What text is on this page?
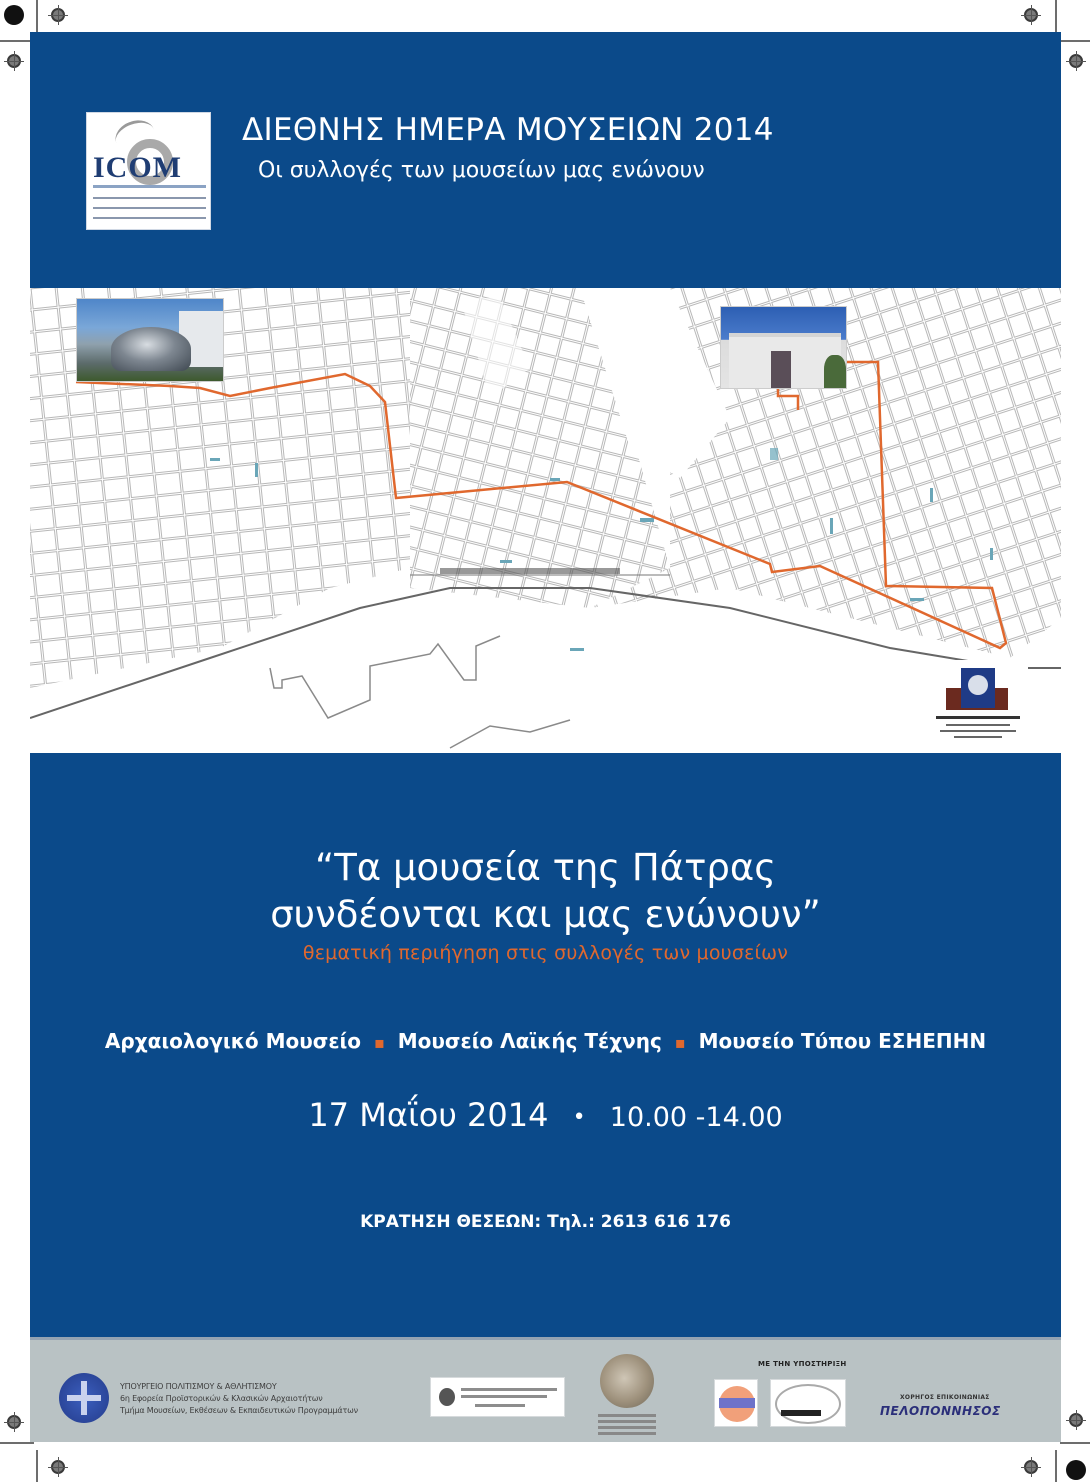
ICOM
ΔΙΕΘΝΗΣ ΗΜΕΡΑ ΜΟΥΣΕΙΩΝ 2014
Οι συλλογές των μουσείων μας ενώνουν
“Τα μουσεία της Πάτρας
συνδέονται και μας ενώνουν”
θεματική περιήγηση στις συλλογές των μουσείων
Αρχαιολογικό Μουσείο ▪ Μουσείο Λαϊκής Τέχνης ▪ Μουσείο Τύπου ΕΣΗΕΠΗΝ
17 Μαΐου 2014 • 10.00 -14.00
ΚΡΑΤΗΣΗ ΘΕΣΕΩΝ: Τηλ.: 2613 616 176
ΥΠΟΥΡΓΕΙΟ ΠΟΛΙΤΙΣΜΟΥ & ΑΘΛΗΤΙΣΜΟΥ
6η Εφορεία Προϊστορικών & Κλασικών Αρχαιοτήτων
Τμήμα Μουσείων, Εκθέσεων & Εκπαιδευτικών Προγραμμάτων
ΜΕ ΤΗΝ ΥΠΟΣΤΗΡΙΞΗ
ΧΟΡΗΓΟΣ ΕΠΙΚΟΙΝΩΝΙΑΣ
ΠΕΛΟΠΟΝΝΗΣΟΣ
